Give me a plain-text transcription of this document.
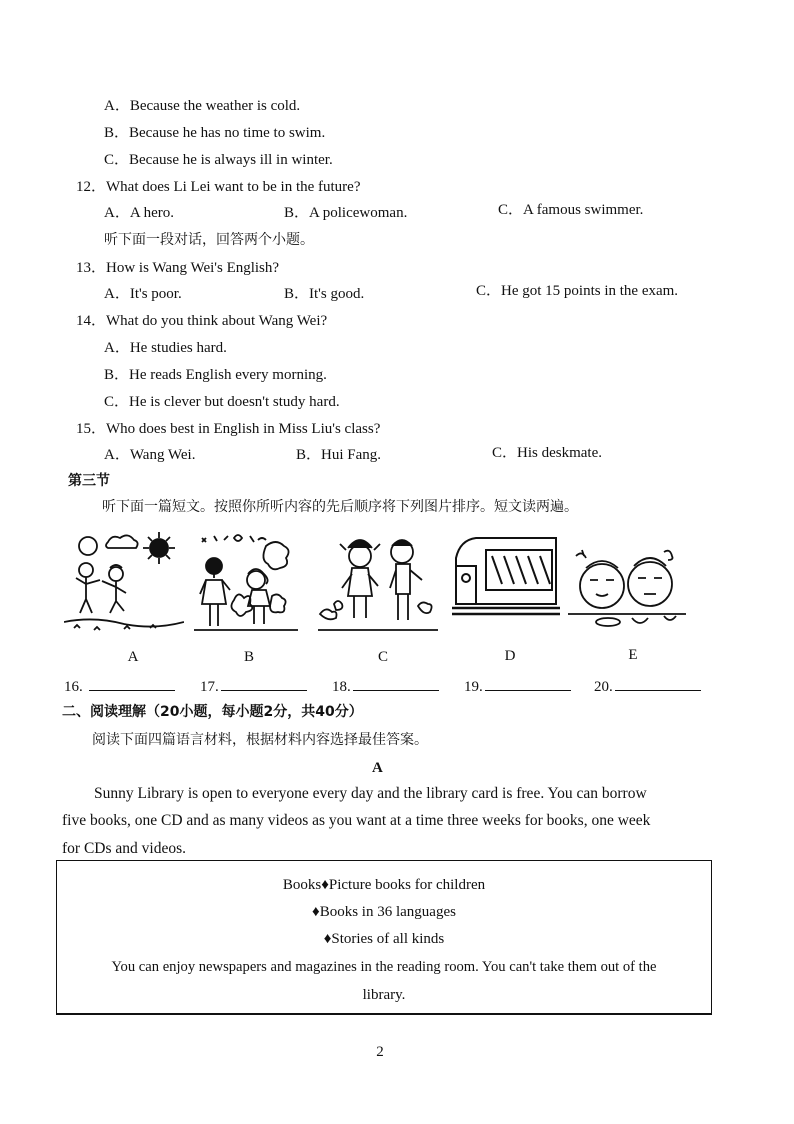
A．Because the weather is cold.
B．Because he has no time to swim.
C．Because he is always ill in winter.
12．What does Li Lei want to be in the future?
A．A hero.	B．A policewoman.	C．A famous swimmer.
听下面一段对话，回答两个小题。
13．How is Wang Wei's English?
A．It's poor.	B．It's good.	C．He got 15 points in the exam.
14．What do you think about Wang Wei?
A．He studies hard.
B．He reads English every morning.
C．He is clever but doesn't study hard.
15．Who does best in English in Miss Liu's class?
A．Wang Wei.	B．Hui Fang.	C．His deskmate.
第三节
听下面一篇短文。按照你所听内容的先后顺序将下列图片排序。短文读两遍。
A	B	C	D	E
16.	17.	18.	19.	20.
二、阅读理解（20小题，每小题2分，共40分）
阅读下面四篇语言材料，根据材料内容选择最佳答案。
A
Sunny Library is open to everyone every day and the library card is free. You can borrow
five books, one CD and as many videos as you want at a time three weeks for books, one week
for CDs and videos.
Books♦Picture books for children
♦Books in 36 languages
♦Stories of all kinds
You can enjoy newspapers and magazines in the reading room. You can't take them out of the
library.
2
